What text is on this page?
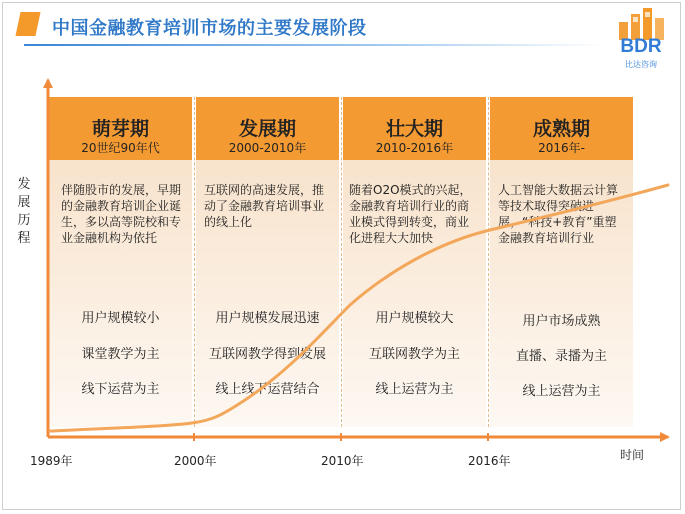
中国金融教育培训市场的主要发展阶段
BDR
比达咨询
萌芽期
20世纪90年代
伴随股市的发展，早期的金融教育培训企业诞生，多以高等院校和专业金融机构为依托
用户规模较小
课堂教学为主
线下运营为主
发展期
2000-2010年
互联网的高速发展，推动了金融教育培训事业的线上化
用户规模发展迅速
互联网教学得到发展
线上线下运营结合
壮大期
2010-2016年
随着O2O模式的兴起，金融教育培训行业的商业模式得到转变，商业化进程大大加快
用户规模较大
互联网教学为主
线上运营为主
成熟期
2016年-
人工智能大数据云计算等技术取得突破进展，“科技+教育”重塑金融教育培训行业
用户市场成熟
直播、录播为主
线上运营为主
发展历程
1989年	2000年	2010年	2016年	时间
